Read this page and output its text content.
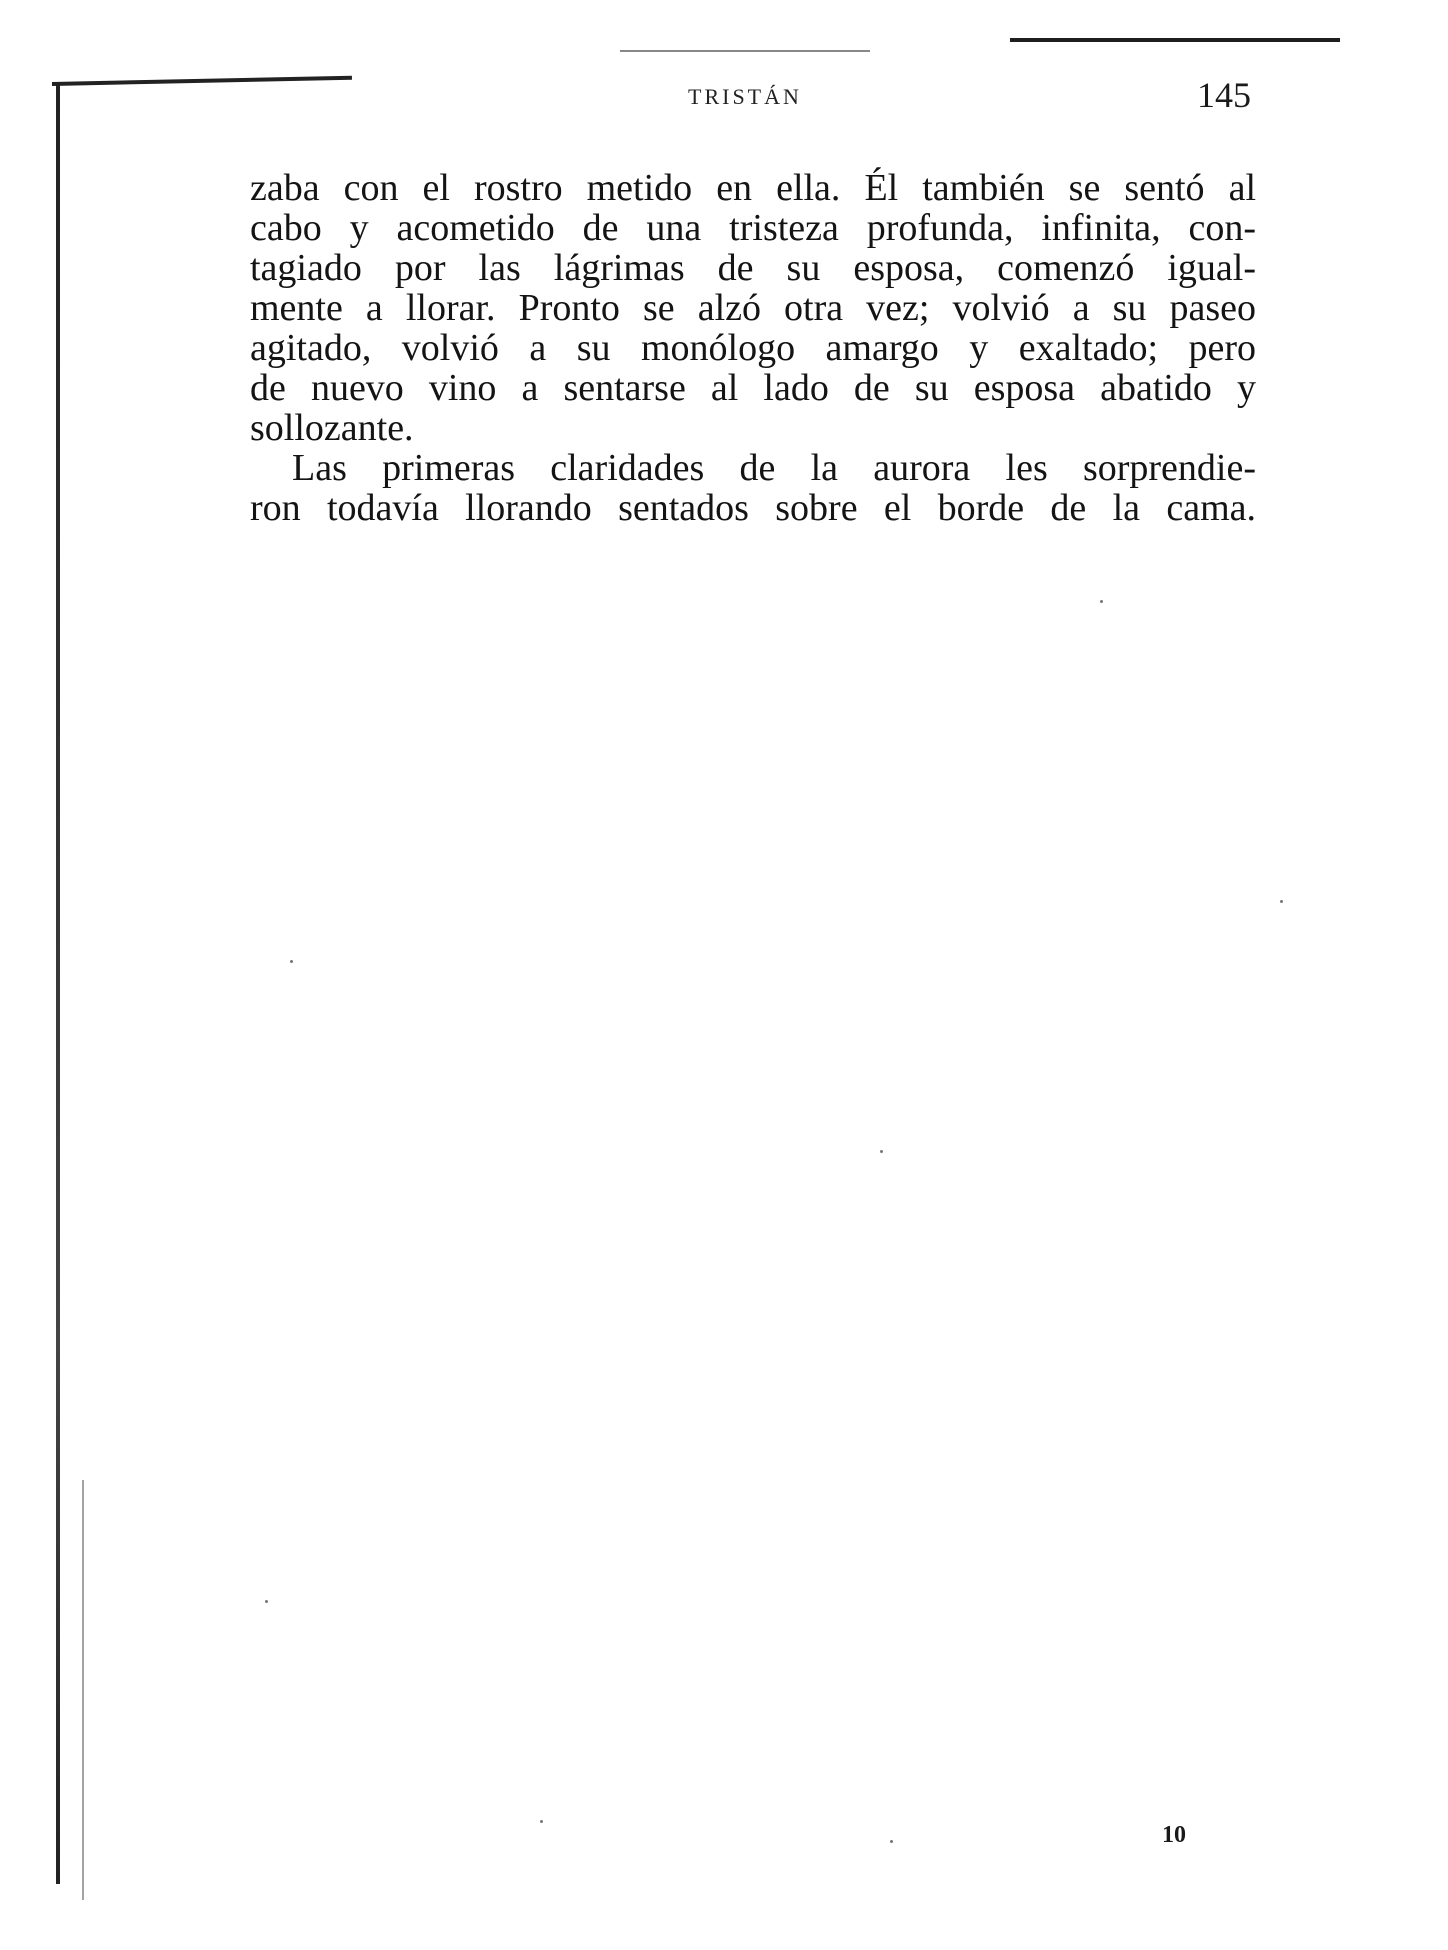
TRISTÁN	145
zaba con el rostro metido en ella. Él también se sentó al
cabo y acometido de una tristeza profunda, infinita, con-
tagiado por las lágrimas de su esposa, comenzó igual-
mente a llorar. Pronto se alzó otra vez; volvió a su paseo
agitado, volvió a su monólogo amargo y exaltado; pero
de nuevo vino a sentarse al lado de su esposa abatido y
sollozante.
Las primeras claridades de la aurora les sorprendie-
ron todavía llorando sentados sobre el borde de la cama.
10
